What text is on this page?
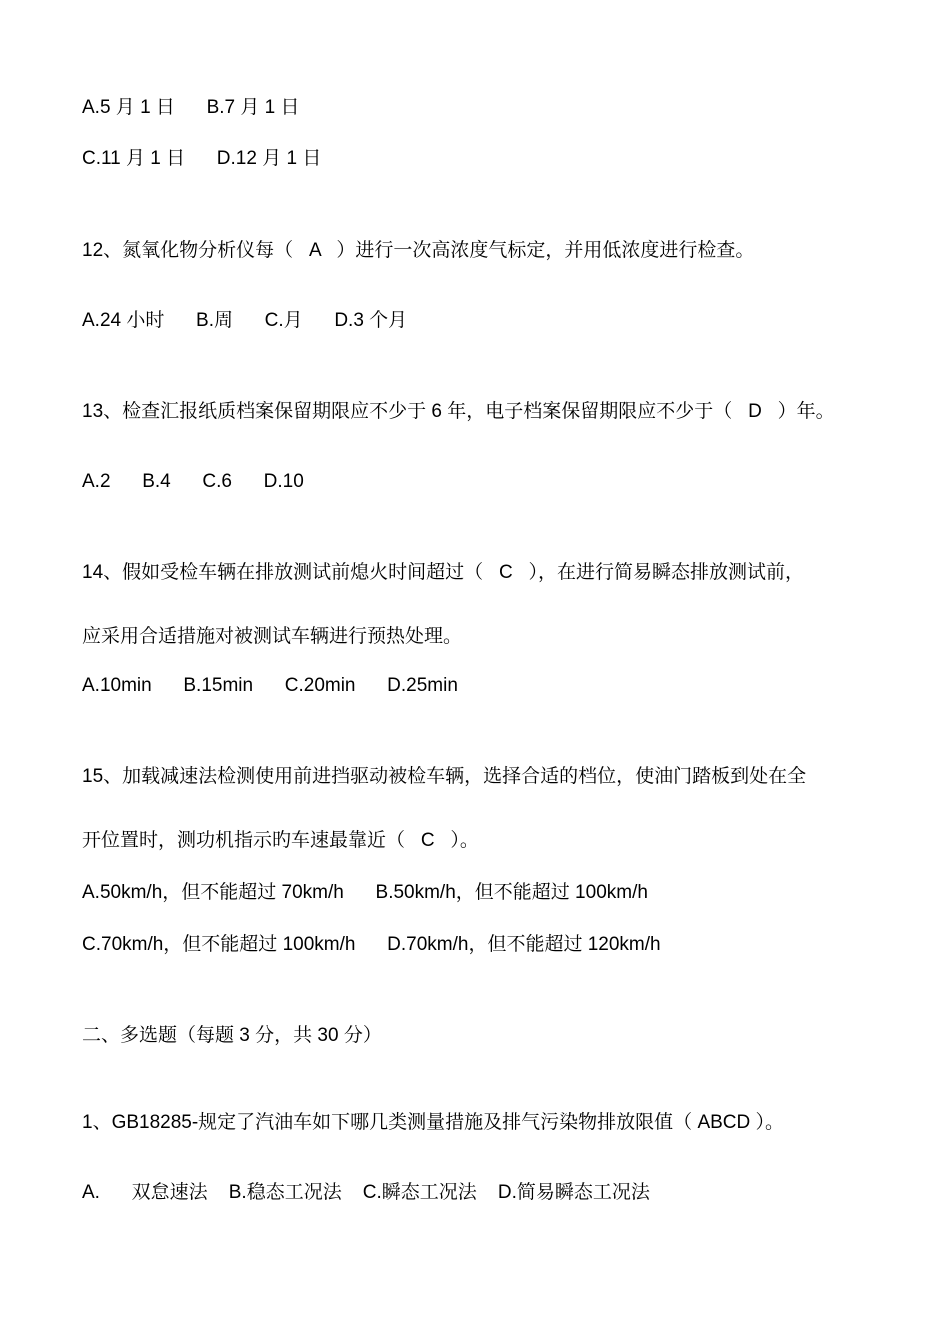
A.5 月 1 日      B.7 月 1 日
C.11 月 1 日      D.12 月 1 日
12、氮氧化物分析仪每（   A   ）进行一次高浓度气标定，并用低浓度进行检查。
A.24 小时      B.周      C.月      D.3 个月
13、检查汇报纸质档案保留期限应不少于 6 年，电子档案保留期限应不少于（   D   ）年。
A.2      B.4      C.6      D.10
14、假如受检车辆在排放测试前熄火时间超过（   C   ），在进行简易瞬态排放测试前，
应采用合适措施对被测试车辆进行预热处理。
A.10min      B.15min      C.20min      D.25min
15、加载减速法检测使用前进挡驱动被检车辆，选择合适的档位，使油门踏板到处在全
开位置时，测功机指示旳车速最靠近（   C   ）。
A.50km/h，但不能超过 70km/h      B.50km/h，但不能超过 100km/h
C.70km/h，但不能超过 100km/h      D.70km/h，但不能超过 120km/h
二、多选题（每题 3 分，共 30 分）
1、GB18285-规定了汽油车如下哪几类测量措施及排气污染物排放限值（ ABCD ）。
A.      双怠速法    B.稳态工况法    C.瞬态工况法    D.简易瞬态工况法
